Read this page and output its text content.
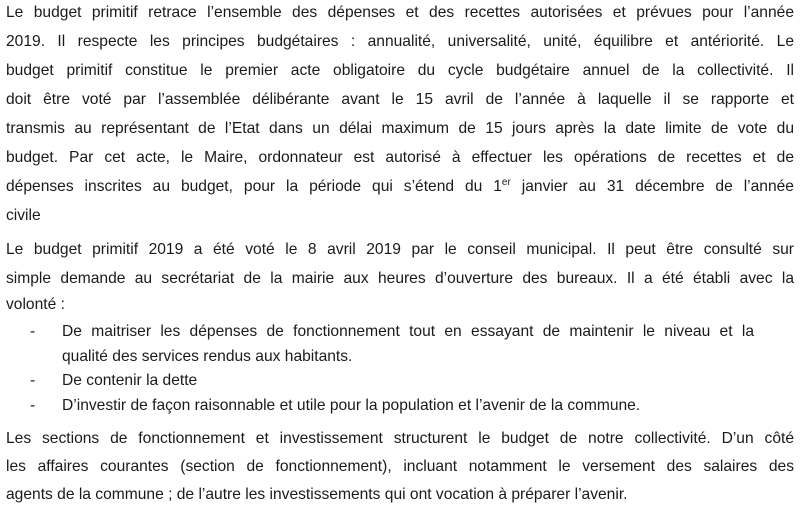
Le budget primitif retrace l’ensemble des dépenses et des recettes autorisées et prévues pour l’année
2019. Il respecte les principes budgétaires : annualité, universalité, unité, équilibre et antériorité. Le
budget primitif constitue le premier acte obligatoire du cycle budgétaire annuel de la collectivité. Il
doit être voté par l’assemblée délibérante avant le 15 avril de l’année à laquelle il se rapporte et
transmis au représentant de l’Etat dans un délai maximum de 15 jours après la date limite de vote du
budget. Par cet acte, le Maire, ordonnateur est autorisé à effectuer les opérations de recettes et de
dépenses inscrites au budget, pour la période qui s’étend du 1er janvier au 31 décembre de l’année
civile
Le budget primitif 2019 a été voté le 8 avril 2019 par le conseil municipal. Il peut être consulté sur
simple demande au secrétariat de la mairie aux heures d’ouverture des bureaux. Il a été établi avec la
volonté :
- De maitriser les dépenses de fonctionnement tout en essayant de maintenir le niveau et la
qualité des services rendus aux habitants.
- De contenir la dette
- D’investir de façon raisonnable et utile pour la population et l’avenir de la commune.
Les sections de fonctionnement et investissement structurent le budget de notre collectivité. D’un côté
les affaires courantes (section de fonctionnement), incluant notamment le versement des salaires des
agents de la commune ; de l’autre les investissements qui ont vocation à préparer l’avenir.
